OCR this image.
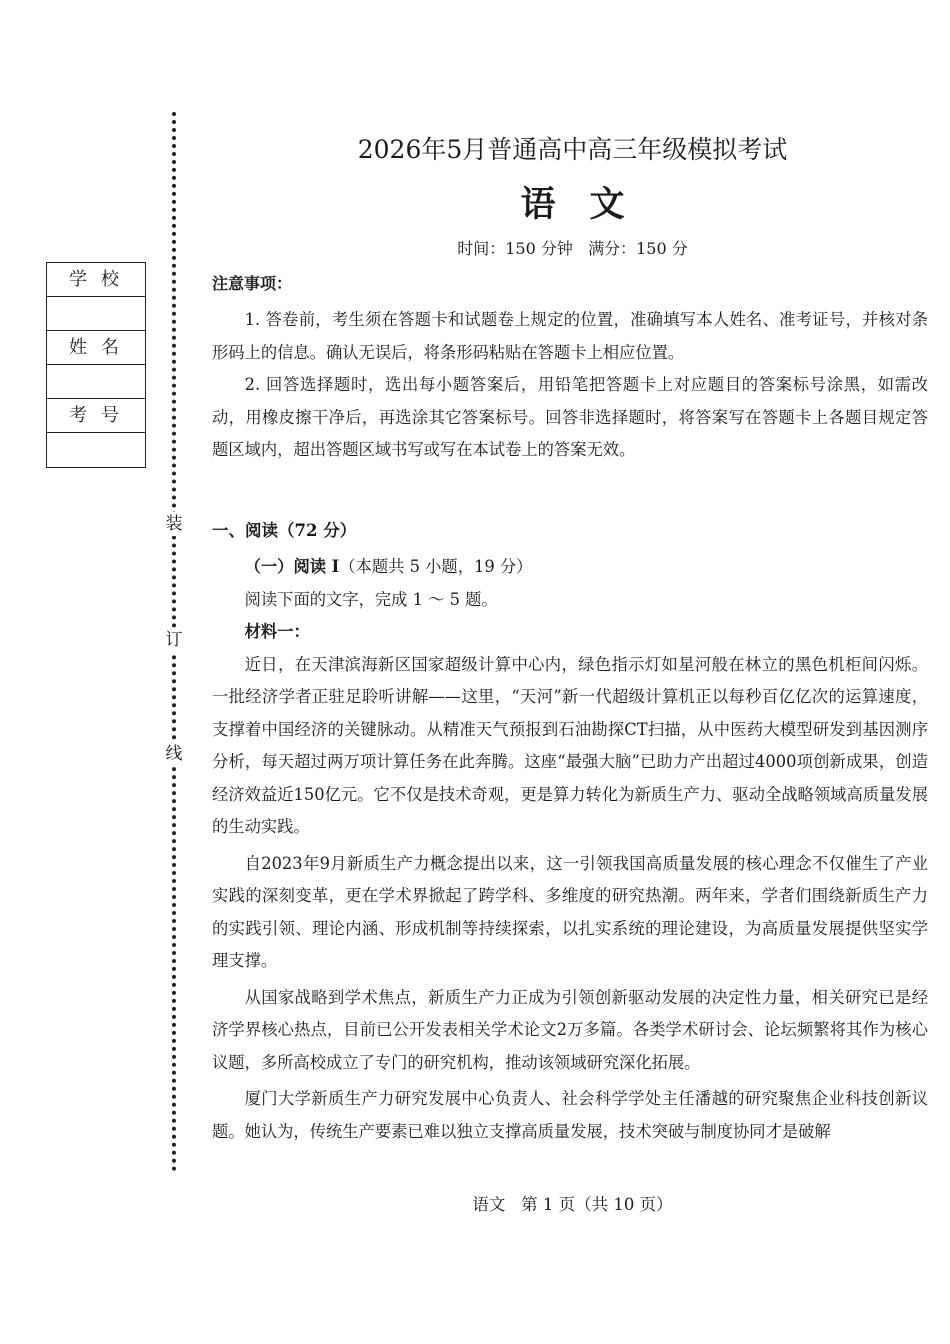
装
订
线
学校
姓名
考号
2026年5月普通高中高三年级模拟考试
语文
时间：150 分钟   满分：150 分
注意事项：

1. 答卷前，考生须在答题卡和试题卷上规定的位置，准确填写本人姓名、准考证号，并核对条形码上的信息。确认无误后，将条形码粘贴在答题卡上相应位置。

2. 回答选择题时，选出每小题答案后，用铅笔把答题卡上对应题目的答案标号涂黑，如需改动，用橡皮擦干净后，再选涂其它答案标号。回答非选择题时，将答案写在答题卡上各题目规定答题区域内，超出答题区域书写或写在本试卷上的答案无效。

一、阅读（72 分）
（一）阅读 I（本题共 5 小题，19 分）
阅读下面的文字，完成 1 ～ 5 题。
材料一：

近日，在天津滨海新区国家超级计算中心内，绿色指示灯如星河般在林立的黑色机柜间闪烁。一批经济学者正驻足聆听讲解——这里，“天河”新一代超级计算机正以每秒百亿亿次的运算速度，支撑着中国经济的关键脉动。从精准天气预报到石油勘探CT扫描，从中医药大模型研发到基因测序分析，每天超过两万项计算任务在此奔腾。这座“最强大脑”已助力产出超过4000项创新成果，创造经济效益近150亿元。它不仅是技术奇观，更是算力转化为新质生产力、驱动全战略领域高质量发展的生动实践。

自2023年9月新质生产力概念提出以来，这一引领我国高质量发展的核心理念不仅催生了产业实践的深刻变革，更在学术界掀起了跨学科、多维度的研究热潮。两年来，学者们围绕新质生产力的实践引领、理论内涵、形成机制等持续探索，以扎实系统的理论建设，为高质量发展提供坚实学理支撑。

从国家战略到学术焦点，新质生产力正成为引领创新驱动发展的决定性力量，相关研究已是经济学界核心热点，目前已公开发表相关学术论文2万多篇。各类学术研讨会、论坛频繁将其作为核心议题，多所高校成立了专门的研究机构，推动该领域研究深化拓展。

厦门大学新质生产力研究发展中心负责人、社会科学学处主任潘越的研究聚焦企业科技创新议题。她认为，传统生产要素已难以独立支撑高质量发展，技术突破与制度协同才是破解

语文   第 1 页（共 10 页）
